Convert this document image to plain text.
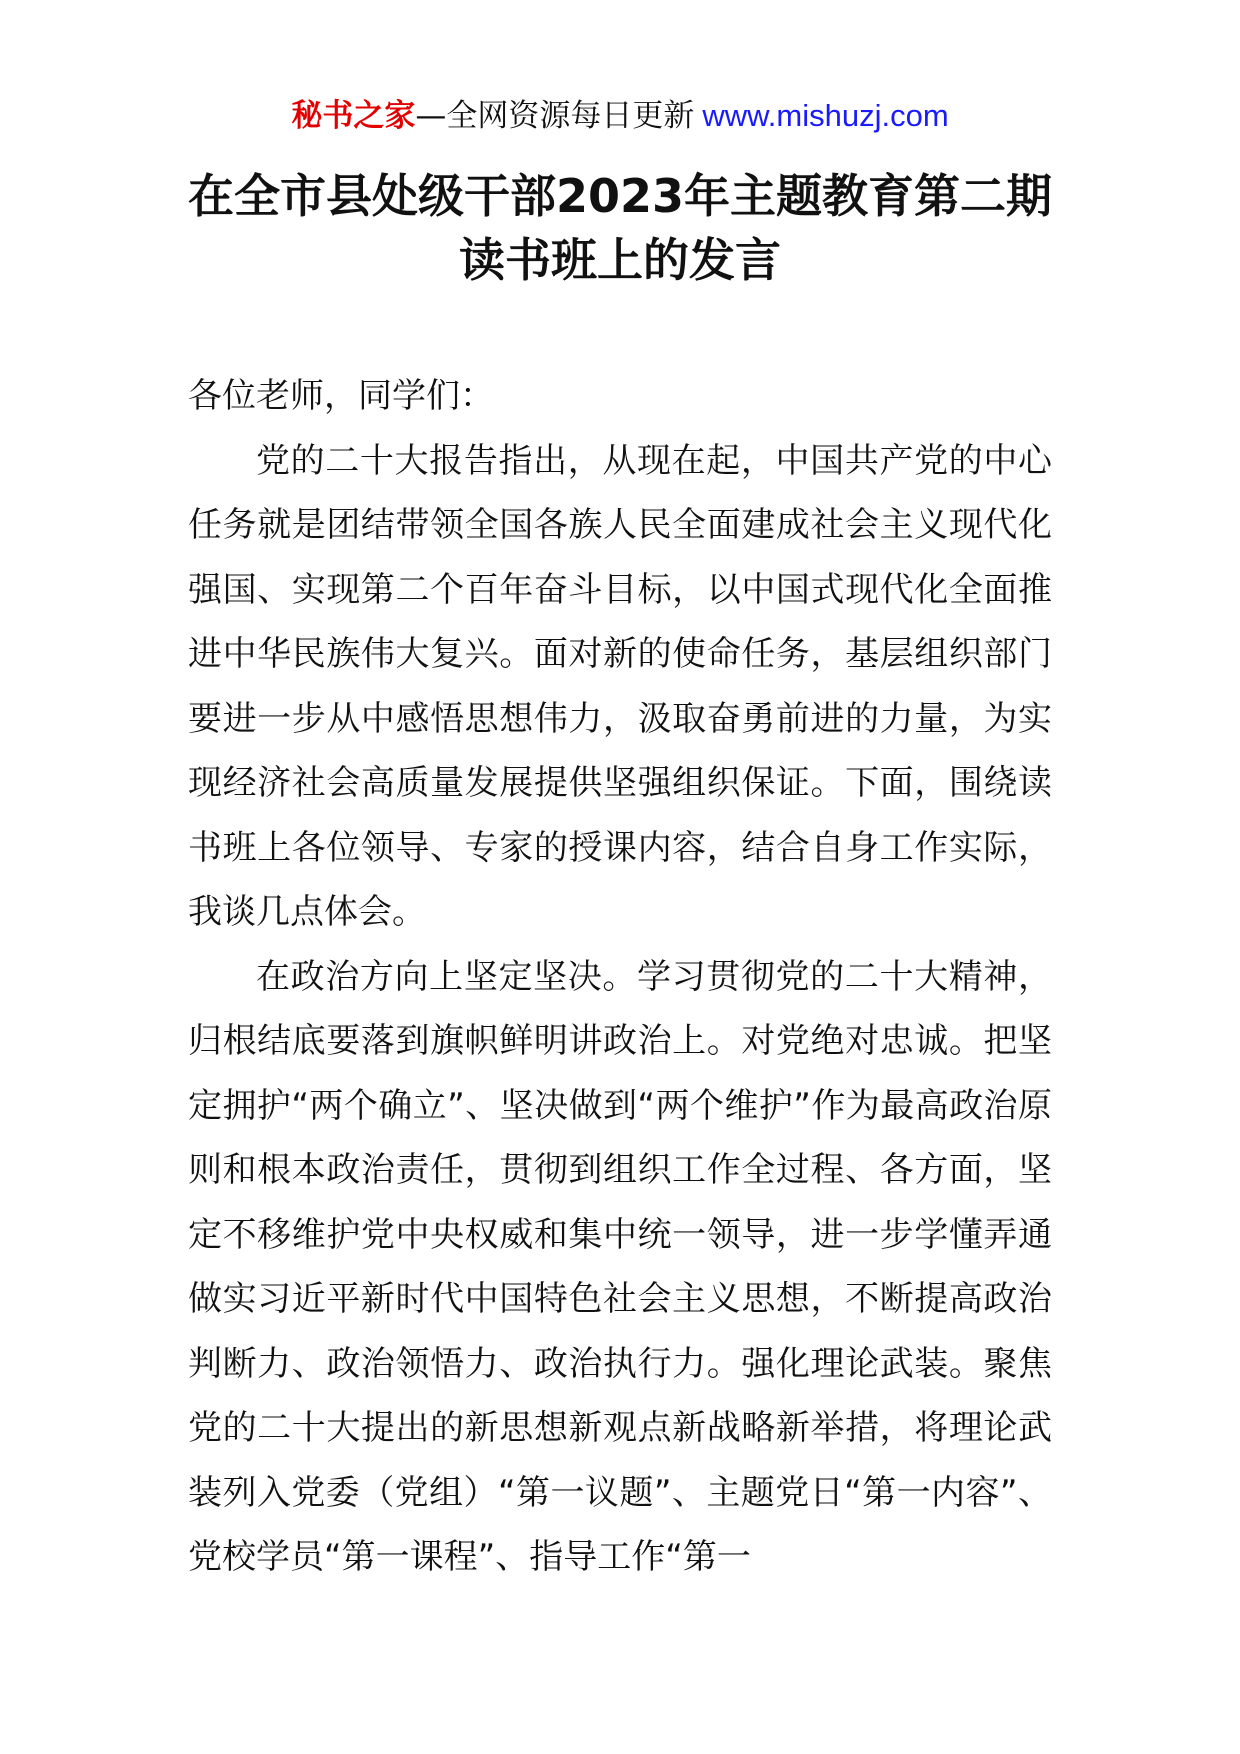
秘书之家—全网资源每日更新 www.mishuzj.com
在全市县处级干部2023年主题教育第二期
读书班上的发言

各位老师，同学们：

党的二十大报告指出，从现在起，中国共产党的中心任务就是团结带领全国各族人民全面建成社会主义现代化强国、实现第二个百年奋斗目标，以中国式现代化全面推进中华民族伟大复兴。面对新的使命任务，基层组织部门要进一步从中感悟思想伟力，汲取奋勇前进的力量，为实现经济社会高质量发展提供坚强组织保证。下面，围绕读书班上各位领导、专家的授课内容，结合自身工作实际，我谈几点体会。

在政治方向上坚定坚决。学习贯彻党的二十大精神，归根结底要落到旗帜鲜明讲政治上。对党绝对忠诚。把坚定拥护“两个确立”、坚决做到“两个维护”作为最高政治原则和根本政治责任，贯彻到组织工作全过程、各方面，坚定不移维护党中央权威和集中统一领导，进一步学懂弄通做实习近平新时代中国特色社会主义思想，不断提高政治判断力、政治领悟力、政治执行力。强化理论武装。聚焦党的二十大提出的新思想新观点新战略新举措，将理论武装列入党委（党组）“第一议题”、主题党日“第一内容”、党校学员“第一课程”、指导工作“第一
